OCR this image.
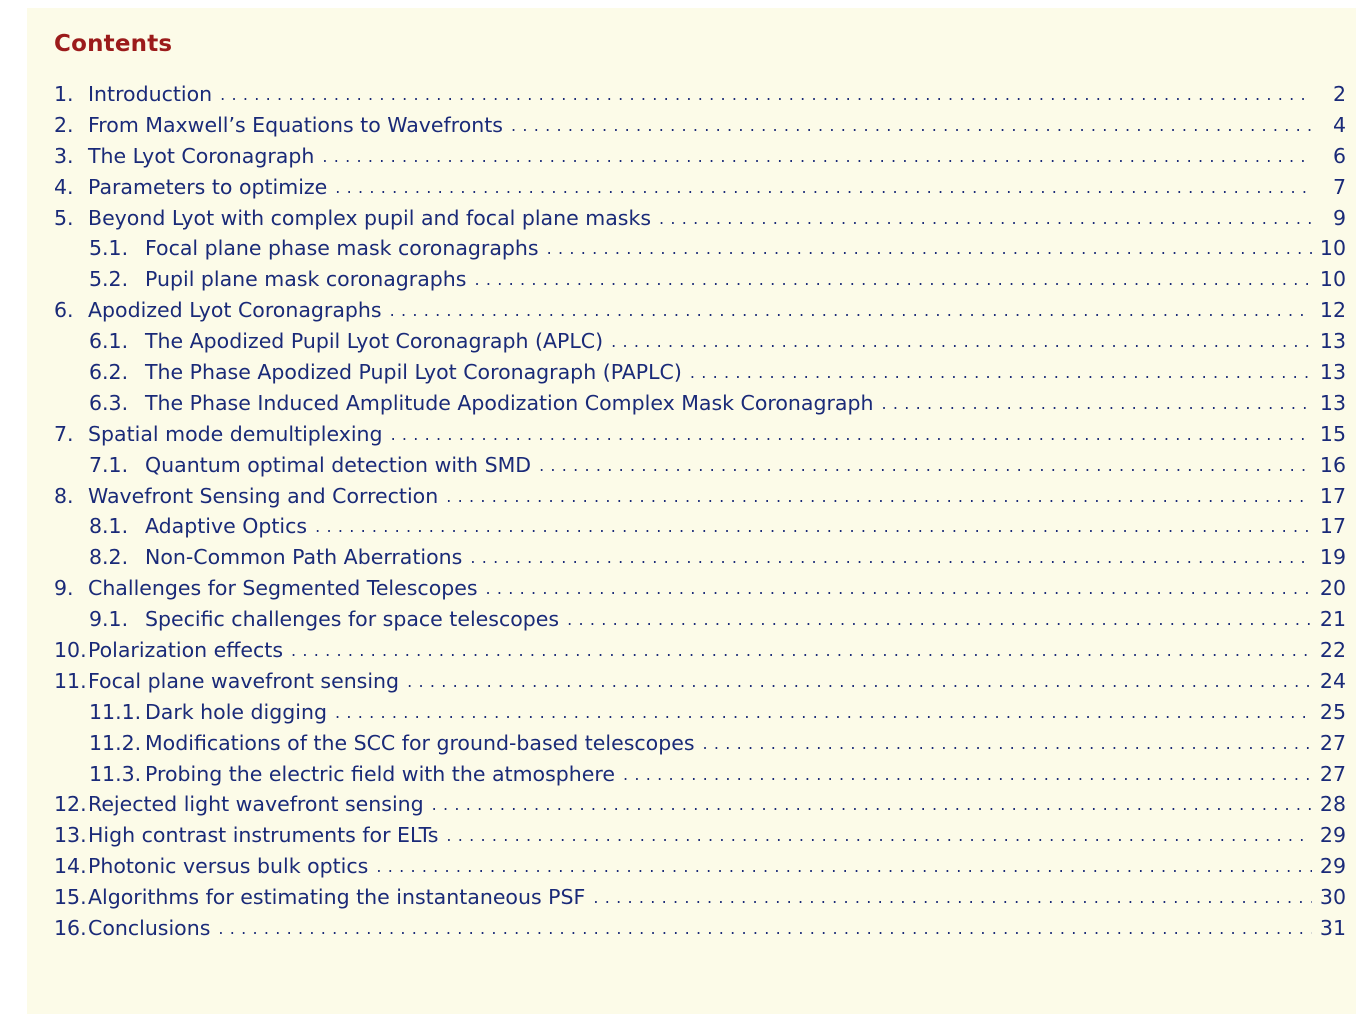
Contents
1. Introduction . . .	2
2. From Maxwell’s Equations to Wavefronts . . .	4
3. The Lyot Coronagraph . . .	6
4. Parameters to optimize . . .	7
5. Beyond Lyot with complex pupil and focal plane masks . . .	9
5.1. Focal plane phase mask coronagraphs . . .	10
5.2. Pupil plane mask coronagraphs . . .	10
6. Apodized Lyot Coronagraphs . . .	12
6.1. The Apodized Pupil Lyot Coronagraph (APLC) . . .	13
6.2. The Phase Apodized Pupil Lyot Coronagraph (PAPLC) . . .	13
6.3. The Phase Induced Amplitude Apodization Complex Mask Coronagraph . . .	13
7. Spatial mode demultiplexing . . .	15
7.1. Quantum optimal detection with SMD . . .	16
8. Wavefront Sensing and Correction . . .	17
8.1. Adaptive Optics . . .	17
8.2. Non-Common Path Aberrations . . .	19
9. Challenges for Segmented Telescopes . . .	20
9.1. Specific challenges for space telescopes . . .	21
10. Polarization effects . . .	22
11. Focal plane wavefront sensing . . .	24
11.1. Dark hole digging . . .	25
11.2. Modifications of the SCC for ground-based telescopes . . .	27
11.3. Probing the electric field with the atmosphere . . .	27
12. Rejected light wavefront sensing . . .	28
13. High contrast instruments for ELTs . . .	29
14. Photonic versus bulk optics . . .	29
15. Algorithms for estimating the instantaneous PSF . . .	30
16. Conclusions . . .	31
